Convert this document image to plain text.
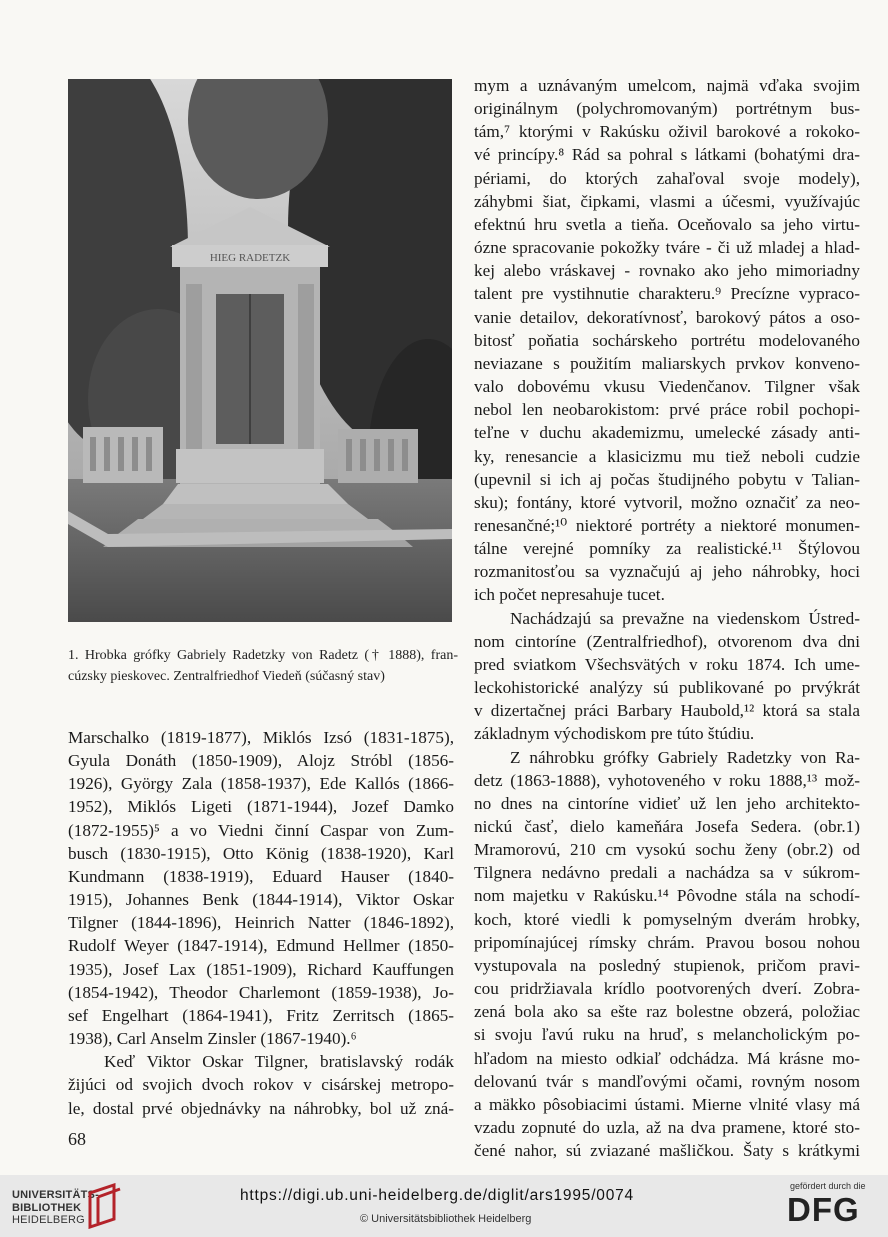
HIEG RADETZK
1. Hrobka grófky Gabriely Radetzky von Radetz († 1888), fran-
cúzsky pieskovec. Zentralfriedhof Viedeň (súčasný stav)
Marschalko (1819-1877), Miklós Izsó (1831-1875),
Gyula Donáth (1850-1909), Alojz Stróbl (1856-
1926), György Zala (1858-1937), Ede Kallós (1866-
1952), Miklós Ligeti (1871-1944), Jozef Damko
(1872-1955)⁵ a vo Viedni činní Caspar von Zum-
busch (1830-1915), Otto König (1838-1920), Karl
Kundmann (1838-1919), Eduard Hauser (1840-
1915), Johannes Benk (1844-1914), Viktor Oskar
Tilgner (1844-1896), Heinrich Natter (1846-1892),
Rudolf Weyer (1847-1914), Edmund Hellmer (1850-
1935), Josef Lax (1851-1909), Richard Kauffungen
(1854-1942), Theodor Charlemont (1859-1938), Jo-
sef Engelhart (1864-1941), Fritz Zerritsch (1865-
1938), Carl Anselm Zinsler (1867-1940).⁶
Keď Viktor Oskar Tilgner, bratislavský rodák
žijúci od svojich dvoch rokov v cisárskej metropo-
le, dostal prvé objednávky na náhrobky, bol už zná-
mym a uznávaným umelcom, najmä vďaka svojim
originálnym (polychromovaným) portrétnym bus-
tám,⁷ ktorými v Rakúsku oživil barokové a rokoko-
vé princípy.⁸ Rád sa pohral s látkami (bohatými dra-
périami, do ktorých zahaľoval svoje modely),
záhybmi šiat, čipkami, vlasmi a účesmi, využívajúc
efektnú hru svetla a tieňa. Oceňovalo sa jeho virtu-
ózne spracovanie pokožky tváre - či už mladej a hlad-
kej alebo vráskavej - rovnako ako jeho mimoriadny
talent pre vystihnutie charakteru.⁹ Precízne vypraco-
vanie detailov, dekoratívnosť, barokový pátos a oso-
bitosť poňatia sochárskeho portrétu modelovaného
neviazane s použitím maliarskych prvkov konveno-
valo dobovému vkusu Viedenčanov. Tilgner však
nebol len neobarokistom: prvé práce robil pochopi-
teľne v duchu akademizmu, umelecké zásady anti-
ky, renesancie a klasicizmu mu tiež neboli cudzie
(upevnil si ich aj počas študijného pobytu v Talian-
sku); fontány, ktoré vytvoril, možno označiť za neo-
renesančné;¹⁰ niektoré portréty a niektoré monumen-
tálne verejné pomníky za realistické.¹¹ Štýlovou
rozmanitosťou sa vyznačujú aj jeho náhrobky, hoci
ich počet nepresahuje tucet.
Nachádzajú sa prevažne na viedenskom Ústred-
nom cintoríne (Zentralfriedhof), otvorenom dva dni
pred sviatkom Všechsvätých v roku 1874. Ich ume-
leckohistorické analýzy sú publikované po prvýkrát
v dizertačnej práci Barbary Haubold,¹² ktorá sa stala
základnym východiskom pre túto štúdiu.
Z náhrobku grófky Gabriely Radetzky von Ra-
detz (1863-1888), vyhotoveného v roku 1888,¹³ mož-
no dnes na cintoríne vidieť už len jeho architekto-
nickú časť, dielo kameňára Josefa Sedera. (obr.1)
Mramorovú, 210 cm vysokú sochu ženy (obr.2) od
Tilgnera nedávno predali a nachádza sa v súkrom-
nom majetku v Rakúsku.¹⁴ Pôvodne stála na schodí-
koch, ktoré viedli k pomyselným dverám hrobky,
pripomínajúcej rímsky chrám. Pravou bosou nohou
vystupovala na posledný stupienok, pričom pravi-
cou pridržiavala krídlo pootvorených dverí. Zobra-
zená bola ako sa ešte raz bolestne obzerá, položiac
si svoju ľavú ruku na hruď, s melancholickým po-
hľadom na miesto odkiaľ odchádza. Má krásne mo-
delovanú tvár s mandľovými očami, rovným nosom
a mäkko pôsobiacimi ústami. Mierne vlnité vlasy má
vzadu zopnuté do uzla, až na dva pramene, ktoré sto-
čené nahor, sú zviazané mašličkou. Šaty s krátkymi
68
UNIVERSITÄTS-
BIBLIOTHEK
HEIDELBERG
https://digi.ub.uni-heidelberg.de/diglit/ars1995/0074
© Universitätsbibliothek Heidelberg
gefördert durch die
DFG
